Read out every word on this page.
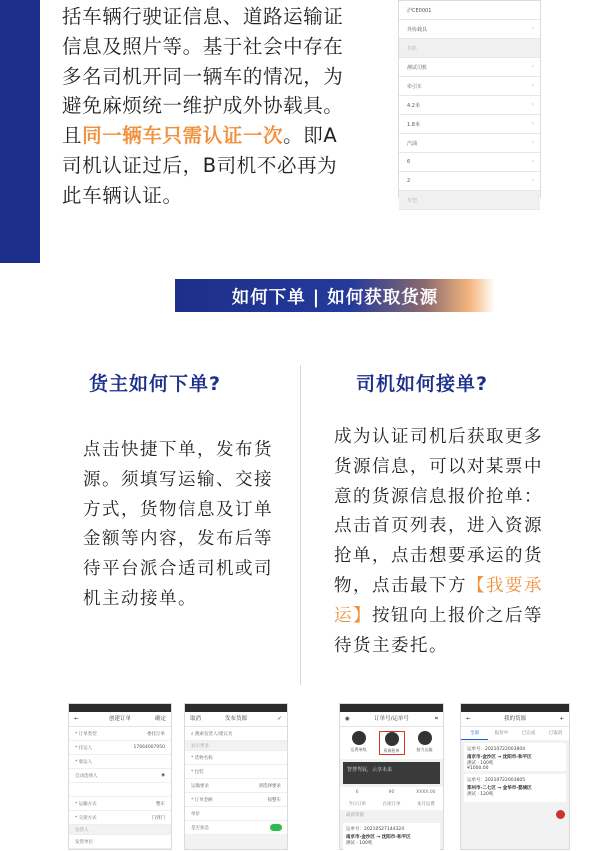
括车辆行驶证信息、道路运输证
信息及照片等。基于社会中存在
多名司机开同一辆车的情况，为
避免麻烦统一维护成外协载具。
且同一辆车只需认证一次。即A
司机认证过后，B司机不必再为
此车辆认证。
沪CE0001
外协载具	›
车队
测试司机	›
牵引车	›
4.2米	›
1.8米	›
汽油	›
6	›
2	›
车型
如何下单 | 如何获取货源
货主如何下单?	司机如何接单?
点击快捷下单，发布货源。须填写运输、交接方式，货物信息及订单金额等内容，发布后等待平台派合适司机或司机主动接单。
成为认证司机后获取更多货源信息，可以对某票中意的货源信息报价抢单：点击首页列表，进入资源抢单，点击想要承运的货物，点击最下方【我要承运】按钮向上报价之后等待货主委托。
←	创建订单	确定
* 订单类型	委托订单
* 托运人	17664007950
* 收运人
自动选择人	◉
* 运输方式	整车
* 交接方式	门到门
发货人
发货单位
取消	发布货源	✓
⌕ 搜索发货人/建议名
显示更多
* 货物名称
* 包装
运输要求	请选择要求
* 订单金额	按整车
单价
是否加急
◉	订单号/运单号	⌗
运费单线	资源抢单	接力运输
智慧驾驭，云享未来
6	90	XXXX.00
今日订单	在途订单	本月运费
最新资源
运单号：20210527144324
南京市-金沙区 → 沈阳市-和平区
测试 · 100吨
←	我的货源	+
全部	报价中	已完成	已取消
运单号：20210722003804
南京市-金沙区 → 沈阳市-和平区
测试 · 100吨
¥1000.00
运单号：20210722003805
郑州市-二七区 → 金华市-婺城区
测试 · 120吨
